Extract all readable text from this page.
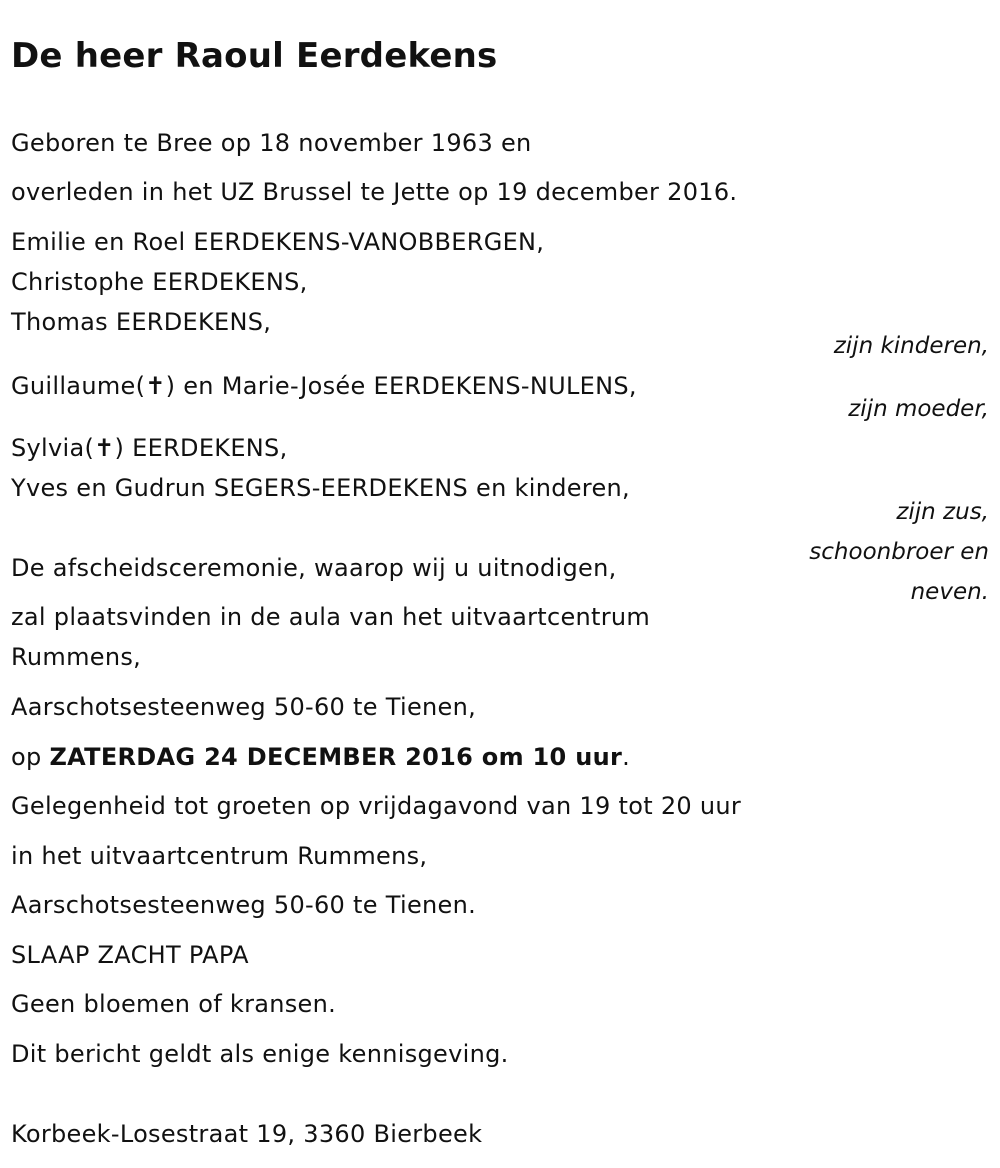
De heer Raoul Eerdekens
Geboren te Bree op 18 november 1963 en
overleden in het UZ Brussel te Jette op 19 december 2016.
Emilie en Roel EERDEKENS-VANOBBERGEN,
Christophe EERDEKENS,
Thomas EERDEKENS,
zijn kinderen,
Guillaume(✝) en Marie-Josée EERDEKENS-NULENS,
zijn moeder,
Sylvia(✝) EERDEKENS,
Yves en Gudrun SEGERS-EERDEKENS en kinderen,
zijn zus,
schoonbroer en
neven.
De afscheidsceremonie, waarop wij u uitnodigen,
zal plaatsvinden in de aula van het uitvaartcentrum
Rummens,
Aarschotsesteenweg 50-60 te Tienen,
op ZATERDAG 24 DECEMBER 2016 om 10 uur.
Gelegenheid tot groeten op vrijdagavond van 19 tot 20 uur
in het uitvaartcentrum Rummens,
Aarschotsesteenweg 50-60 te Tienen.
SLAAP ZACHT PAPA
Geen bloemen of kransen.
Dit bericht geldt als enige kennisgeving.
Korbeek-Losestraat 19, 3360 Bierbeek
